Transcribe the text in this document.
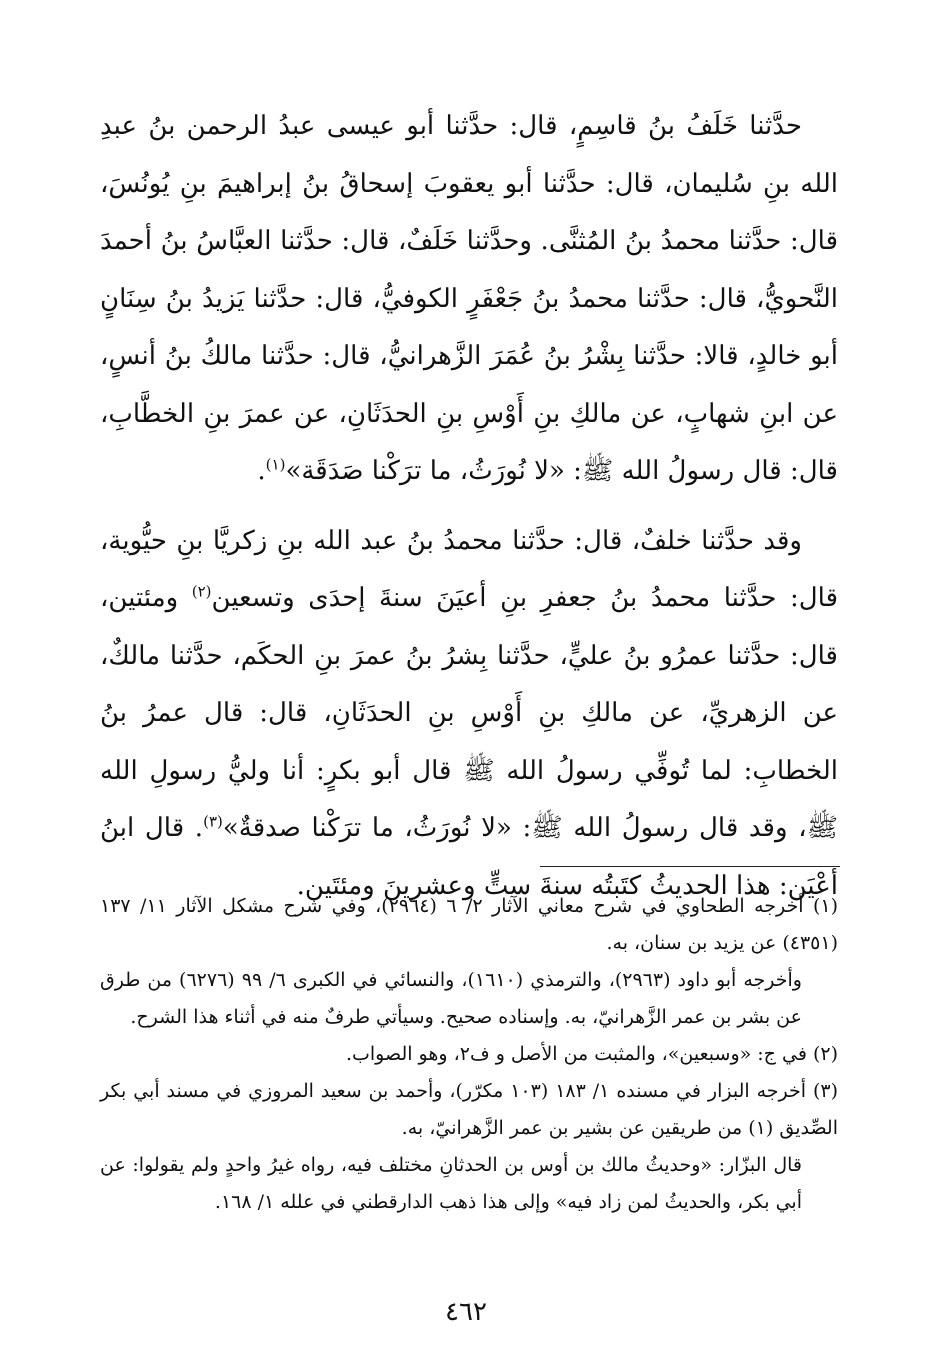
حدَّثنا خَلَفُ بنُ قاسِمٍ، قال: حدَّثنا أبو عيسى عبدُ الرحمن بنُ عبدِ الله بنِ سُليمان، قال: حدَّثنا أبو يعقوبَ إسحاقُ بنُ إبراهيمَ بنِ يُونُسَ، قال: حدَّثنا محمدُ بنُ المُثنَّى. وحدَّثنا خَلَفٌ، قال: حدَّثنا العبَّاسُ بنُ أحمدَ النَّحويُّ، قال: حدَّثنا محمدُ بنُ جَعْفَرٍ الكوفيُّ، قال: حدَّثنا يَزيدُ بنُ سِنَانٍ أبو خالدٍ، قالا: حدَّثنا بِشْرُ بنُ عُمَرَ الزَّهرانيُّ، قال: حدَّثنا مالكُ بنُ أنسٍ، عن ابنِ شهابٍ، عن مالكِ بنِ أَوْسِ بنِ الحدَثَانِ، عن عمرَ بنِ الخطَّابِ، قال: قال رسولُ الله ﷺ: «لا نُورَثُ، ما ترَكْنا صَدَقَة»$^{(١)}$.

وقد حدَّثنا خلفٌ، قال: حدَّثنا محمدُ بنُ عبد الله بنِ زكريَّا بنِ حيُّوية، قال: حدَّثنا محمدُ بنُ جعفرِ بنِ أعيَنَ سنةَ إحدَى وتسعين$^{(٢)}$ ومئتين، قال: حدَّثنا عمرُو بنُ عليٍّ، حدَّثنا بِشرُ بنُ عمرَ بنِ الحكَم، حدَّثنا مالكٌ، عن الزهريِّ، عن مالكِ بنِ أَوْسِ بنِ الحدَثَانِ، قال: قال عمرُ بنُ الخطابِ: لما تُوفِّي رسولُ الله ﷺ قال أبو بكرٍ: أنا وليُّ رسولِ الله ﷺ، وقد قال رسولُ الله ﷺ: «لا نُورَثُ، ما ترَكْنا صدقةٌ»$^{(٣)}$. قال ابنُ أعْيَن: هذا الحديثُ كتَبتُه سنةَ ستٍّ وعشرينَ ومئتَين.

(١) أخرجه الطحاوي في شرح معاني الآثار ٢/ ٦ (٢٩٦٤)، وفي شرح مشكل الآثار ١١/ ١٣٧ (٤٣٥١) عن يزيد بن سنان، به.

وأخرجه أبو داود (٢٩٦٣)، والترمذي (١٦١٠)، والنسائي في الكبرى ٦/ ٩٩ (٦٢٧٦) من طرق عن بشر بن عمر الزَّهرانيّ، به. وإسناده صحيح. وسيأتي طرفٌ منه في أثناء هذا الشرح.

(٢) في ج: «وسبعين»، والمثبت من الأصل و ف٢، وهو الصواب.

(٣) أخرجه البزار في مسنده ١/ ١٨٣ (١٠٣ مكرّر)، وأحمد بن سعيد المروزي في مسند أبي بكر الصِّديق (١) من طريقين عن بشير بن عمر الزَّهرانيّ، به.

قال البزّار: «وحديثُ مالك بن أوس بن الحدثانِ مختلف فيه، رواه غيرُ واحدٍ ولم يقولوا: عن أبي بكر، والحديثُ لمن زاد فيه» وإلى هذا ذهب الدارقطني في علله ١/ ١٦٨.

٤٦٢
